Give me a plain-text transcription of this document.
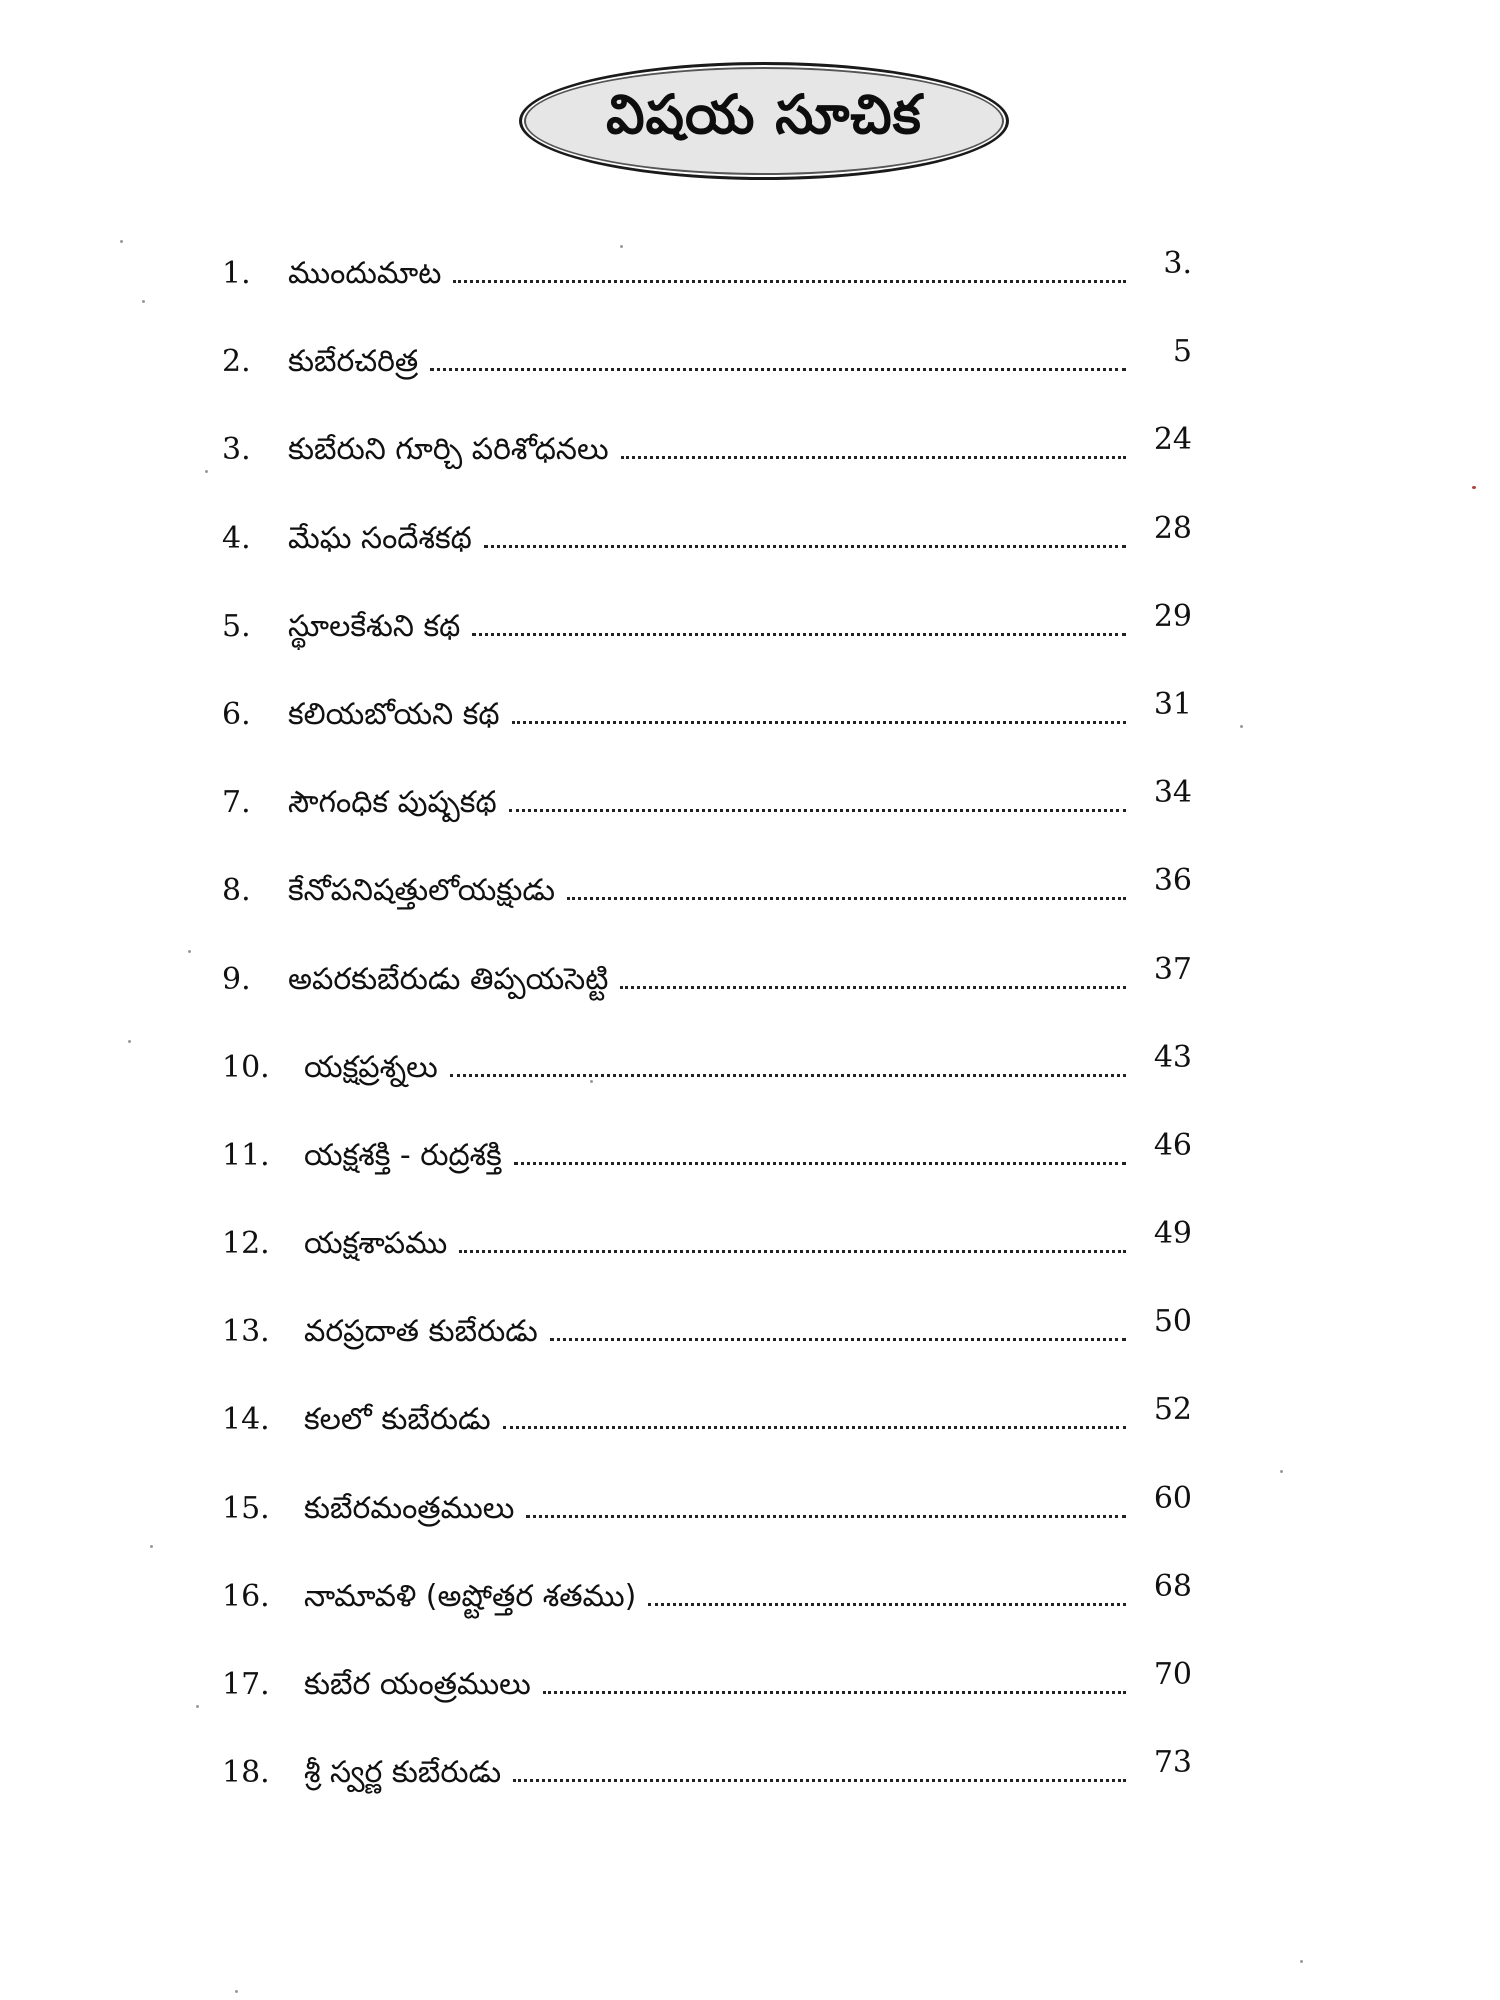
విషయ సూచిక
1.	ముందుమాట	3.
2.	కుబేరచరిత్ర	5
3.	కుబేరుని గూర్చి పరిశోధనలు	24
4.	మేఘ సందేశకథ	28
5.	స్థూలకేశుని కథ	29
6.	కలియబోయని కథ	31
7.	సౌగంధిక పుష్పకథ	34
8.	కేనోపనిషత్తులోయక్షుడు	36
9.	అపరకుబేరుడు తిప్పయసెట్టి	37
10.	యక్షప్రశ్నలు	43
11.	యక్షశక్తి - రుద్రశక్తి	46
12.	యక్షశాపము	49
13.	వరప్రదాత కుబేరుడు	50
14.	కలలో కుబేరుడు	52
15.	కుబేరమంత్రములు	60
16.	నామావళి (అష్టోత్తర శతము)	68
17.	కుబేర యంత్రములు	70
18.	శ్రీ స్వర్ణ కుబేరుడు	73
